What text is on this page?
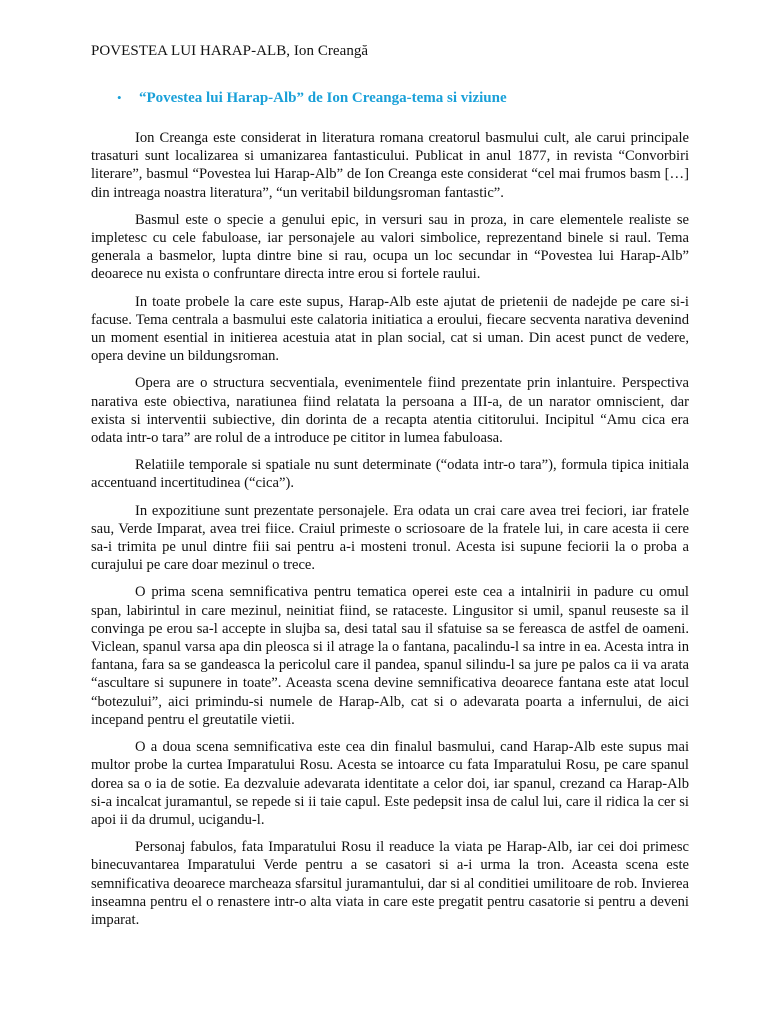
POVESTEA LUI HARAP-ALB, Ion Creangă
• “Povestea lui Harap-Alb” de Ion Creanga-tema si viziune

Ion Creanga este considerat in literatura romana creatorul basmului cult, ale carui principale trasaturi sunt localizarea si umanizarea fantasticului. Publicat in anul 1877, in revista “Convorbiri literare”, basmul “Povestea lui Harap-Alb” de Ion Creanga este considerat “cel mai frumos basm […] din intreaga noastra literatura”, “un veritabil bildungsroman fantastic”.

Basmul este o specie a genului epic, in versuri sau in proza, in care elementele realiste se impletesc cu cele fabuloase, iar personajele au valori simbolice, reprezentand binele si raul. Tema generala a basmelor, lupta dintre bine si rau, ocupa un loc secundar in “Povestea lui Harap-Alb” deoarece nu exista o confruntare directa intre erou si fortele raului.

In toate probele la care este supus, Harap-Alb este ajutat de prietenii de nadejde pe care si-i facuse. Tema centrala a basmului este calatoria initiatica a eroului, fiecare secventa narativa devenind un moment esential in initierea acestuia atat in plan social, cat si uman. Din acest punct de vedere, opera devine un bildungsroman.

Opera are o structura secventiala, evenimentele fiind prezentate prin inlantuire. Perspectiva narativa este obiectiva, naratiunea fiind relatata la persoana a III-a, de un narator omniscient, dar exista si interventii subiective, din dorinta de a recapta atentia cititorului. Incipitul “Amu cica era odata intr-o tara” are rolul de a introduce pe cititor in lumea fabuloasa.

Relatiile temporale si spatiale nu sunt determinate (“odata intr-o tara”), formula tipica initiala accentuand incertitudinea (“cica”).

In expozitiune sunt prezentate personajele. Era odata un crai care avea trei feciori, iar fratele sau, Verde Imparat, avea trei fiice. Craiul primeste o scriosoare de la fratele lui, in care acesta ii cere sa-i trimita pe unul dintre fiii sai pentru a-i mosteni tronul. Acesta isi supune feciorii la o proba a curajului pe care doar mezinul o trece.

O prima scena semnificativa pentru tematica operei este cea a intalnirii in padure cu omul span, labirintul in care mezinul, neinitiat fiind, se rataceste. Lingusitor si umil, spanul reuseste sa il convinga pe erou sa-l accepte in slujba sa, desi tatal sau il sfatuise sa se fereasca de astfel de oameni. Viclean, spanul varsa apa din pleosca si il atrage la o fantana, pacalindu-l sa intre in ea. Acesta intra in fantana, fara sa se gandeasca la pericolul care il pandea, spanul silindu-l sa jure pe palos ca ii va arata “ascultare si supunere in toate”. Aceasta scena devine semnificativa deoarece fantana este atat locul “botezului”, aici primindu-si numele de Harap-Alb, cat si o adevarata poarta a infernului, de aici incepand pentru el greutatile vietii.

O a doua scena semnificativa este cea din finalul basmului, cand Harap-Alb este supus mai multor probe la curtea Imparatului Rosu. Acesta se intoarce cu fata Imparatului Rosu, pe care spanul dorea sa o ia de sotie. Ea dezvaluie adevarata identitate a celor doi, iar spanul, crezand ca Harap-Alb si-a incalcat juramantul, se repede si ii taie capul. Este pedepsit insa de calul lui, care il ridica la cer si apoi ii da drumul, ucigandu-l.

Personaj fabulos, fata Imparatului Rosu il readuce la viata pe Harap-Alb, iar cei doi primesc binecuvantarea Imparatului Verde pentru a se casatori si a-i urma la tron. Aceasta scena este semnificativa deoarece marcheaza sfarsitul juramantului, dar si al conditiei umilitoare de rob. Invierea inseamna pentru el o renastere intr-o alta viata in care este pregatit pentru casatorie si pentru a deveni imparat.
